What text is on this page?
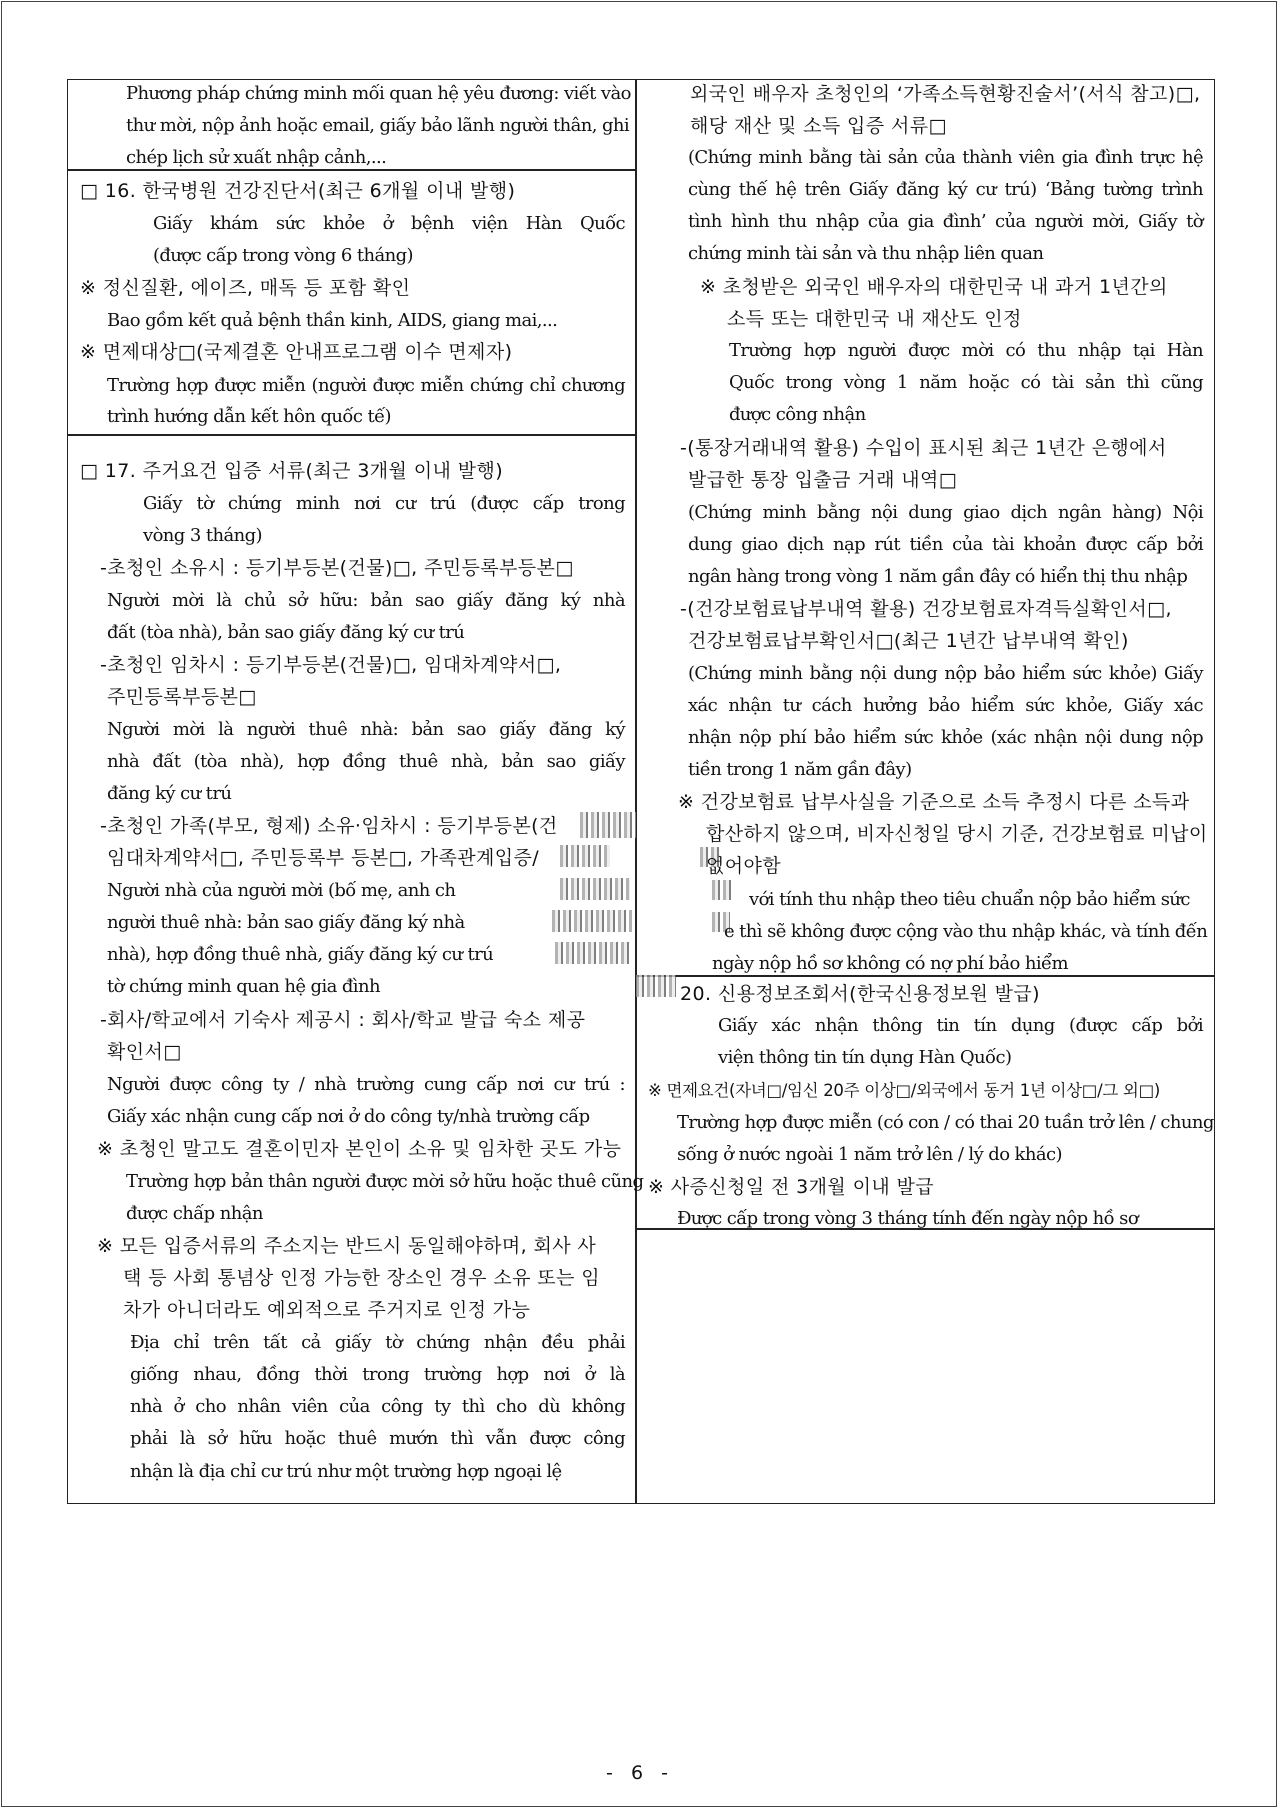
Phương pháp chứng minh mối quan hệ yêu đương: viết vào
thư mời, nộp ảnh hoặc email, giấy bảo lãnh người thân, ghi
chép lịch sử xuất nhập cảnh,...
□ 16. 한국병원 건강진단서(최근 6개월 이내 발행)
Giấy khám sức khỏe ở bệnh viện Hàn Quốc
(được cấp trong vòng 6 tháng)
※ 정신질환, 에이즈, 매독 등 포함 확인
Bao gồm kết quả bệnh thần kinh, AIDS, giang mai,...
※ 면제대상□(국제결혼 안내프로그램 이수 면제자)
Trường hợp được miễn (người được miễn chứng chỉ chương
trình hướng dẫn kết hôn quốc tế)
□ 17. 주거요건 입증 서류(최근 3개월 이내 발행)
Giấy tờ chứng minh nơi cư trú (được cấp trong
vòng 3 tháng)
-초청인 소유시 : 등기부등본(건물)□, 주민등록부등본□
Người mời là chủ sở hữu: bản sao giấy đăng ký nhà
đất (tòa nhà), bản sao giấy đăng ký cư trú
-초청인 임차시 : 등기부등본(건물)□, 임대차계약서□,
주민등록부등본□
Người mời là người thuê nhà: bản sao giấy đăng ký
nhà đất (tòa nhà), hợp đồng thuê nhà, bản sao giấy
đăng ký cư trú
-초청인 가족(부모, 형제) 소유·임차시 : 등기부등본(건
임대차계약서□, 주민등록부 등본□, 가족관계입증/
Người nhà của người mời (bố mẹ, anh ch
người thuê nhà: bản sao giấy đăng ký nhà
nhà), hợp đồng thuê nhà, giấy đăng ký cư trú
tờ chứng minh quan hệ gia đình
-회사/학교에서 기숙사 제공시 : 회사/학교 발급 숙소 제공
확인서□
Người được công ty / nhà trường cung cấp nơi cư trú :
Giấy xác nhận cung cấp nơi ở do công ty/nhà trường cấp
※ 초청인 말고도 결혼이민자 본인이 소유 및 임차한 곳도 가능
Trường hợp bản thân người được mời sở hữu hoặc thuê cũng
được chấp nhận
※ 모든 입증서류의 주소지는 반드시 동일해야하며, 회사 사
택 등 사회 통념상 인정 가능한 장소인 경우 소유 또는 임
차가 아니더라도 예외적으로 주거지로 인정 가능
Địa chỉ trên tất cả giấy tờ chứng nhận đều phải
giống nhau, đồng thời trong trường hợp nơi ở là
nhà ở cho nhân viên của công ty thì cho dù không
phải là sở hữu hoặc thuê mướn thì vẫn được công
nhận là địa chỉ cư trú như một trường hợp ngoại lệ
외국인 배우자 초청인의 ‘가족소득현황진술서’(서식 참고)□,
해당 재산 및 소득 입증 서류□
(Chứng minh bằng tài sản của thành viên gia đình trực hệ
cùng thế hệ trên Giấy đăng ký cư trú) ‘Bảng tường trình
tình hình thu nhập của gia đình’ của người mời, Giấy tờ
chứng minh tài sản và thu nhập liên quan
※ 초청받은 외국인 배우자의 대한민국 내 과거 1년간의
소득 또는 대한민국 내 재산도 인정
Trường hợp người được mời có thu nhập tại Hàn
Quốc trong vòng 1 năm hoặc có tài sản thì cũng
được công nhận
-(통장거래내역 활용) 수입이 표시된 최근 1년간 은행에서
발급한 통장 입출금 거래 내역□
(Chứng minh bằng nội dung giao dịch ngân hàng) Nội
dung giao dịch nạp rút tiền của tài khoản được cấp bởi
ngân hàng trong vòng 1 năm gần đây có hiển thị thu nhập
-(건강보험료납부내역 활용) 건강보험료자격득실확인서□,
건강보험료납부확인서□(최근 1년간 납부내역 확인)
(Chứng minh bằng nội dung nộp bảo hiểm sức khỏe) Giấy
xác nhận tư cách hưởng bảo hiểm sức khỏe, Giấy xác
nhận nộp phí bảo hiểm sức khỏe (xác nhận nội dung nộp
tiền trong 1 năm gần đây)
※ 건강보험료 납부사실을 기준으로 소득 추정시 다른 소득과
합산하지 않으며, 비자신청일 당시 기준, 건강보험료 미납이
없어야함
với tính thu nhập theo tiêu chuẩn nộp bảo hiểm sức
e thì sẽ không được cộng vào thu nhập khác, và tính đến
ngày nộp hồ sơ không có nợ phí bảo hiểm
20. 신용정보조회서(한국신용정보원 발급)
Giấy xác nhận thông tin tín dụng (được cấp bởi
viện thông tin tín dụng Hàn Quốc)
※ 면제요건(자녀□/임신 20주 이상□/외국에서 동거 1년 이상□/그 외□)
Trường hợp được miễn (có con / có thai 20 tuần trở lên / chung
sống ở nước ngoài 1 năm trở lên / lý do khác)
※ 사증신청일 전 3개월 이내 발급
Được cấp trong vòng 3 tháng tính đến ngày nộp hồ sơ
- 6 -
